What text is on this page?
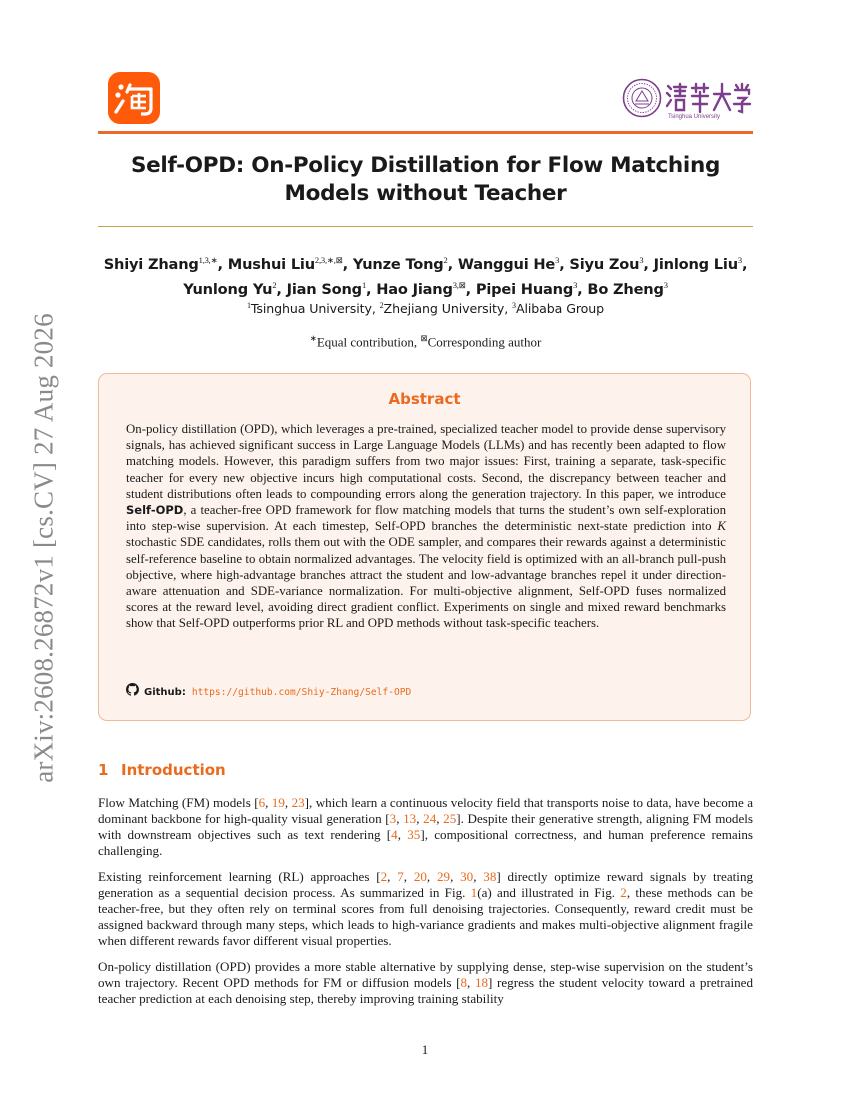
arXiv:2608.26872v1 [cs.CV] 27 Aug 2026
Tsinghua University
Self-OPD: On-Policy Distillation for Flow Matching
Models without Teacher
Shiyi Zhang$^{1,3,∗}$, Mushui Liu$^{2,3,∗,⊠}$, Yunze Tong$^2$, Wanggui He$^3$, Siyu Zou$^3$, Jinlong Liu$^3$, Yunlong Yu$^2$, Jian Song$^1$, Hao Jiang$^{3,⊠}$, Pipei Huang$^3$, Bo Zheng$^3$
$^1$Tsinghua University, $^2$Zhejiang University, $^3$Alibaba Group
∗Equal contribution, ⊠Corresponding author
Abstract

On-policy distillation (OPD), which leverages a pre-trained, specialized teacher model to provide dense supervisory signals, has achieved significant success in Large Language Models (LLMs) and has recently been adapted to flow matching models. However, this paradigm suffers from two major issues: First, training a separate, task-specific teacher for every new objective incurs high computational costs. Second, the discrepancy between teacher and student distributions often leads to compounding errors along the generation trajectory. In this paper, we introduce Self-OPD, a teacher-free OPD framework for flow matching models that turns the student’s own self-exploration into step-wise supervision. At each timestep, Self-OPD branches the deterministic next-state prediction into K stochastic SDE candidates, rolls them out with the ODE sampler, and compares their rewards against a deterministic self-reference baseline to obtain normalized advantages. The velocity field is optimized with an all-branch pull-push objective, where high-advantage branches attract the student and low-advantage branches repel it under direction-aware attenuation and SDE-variance normalization. For multi-objective alignment, Self-OPD fuses normalized scores at the reward level, avoiding direct gradient conflict. Experiments on single and mixed reward benchmarks show that Self-OPD outperforms prior RL and OPD methods without task-specific teachers.

Github: https://github.com/Shiy-Zhang/Self-OPD
1 Introduction

Flow Matching (FM) models [6, 19, 23], which learn a continuous velocity field that transports noise to data, have become a dominant backbone for high-quality visual generation [3, 13, 24, 25]. Despite their generative strength, aligning FM models with downstream objectives such as text rendering [4, 35], compositional correctness, and human preference remains challenging.

Existing reinforcement learning (RL) approaches [2, 7, 20, 29, 30, 38] directly optimize reward signals by treating generation as a sequential decision process. As summarized in Fig. 1(a) and illustrated in Fig. 2, these methods can be teacher-free, but they often rely on terminal scores from full denoising trajectories. Consequently, reward credit must be assigned backward through many steps, which leads to high-variance gradients and makes multi-objective alignment fragile when different rewards favor different visual properties.

On-policy distillation (OPD) provides a more stable alternative by supplying dense, step-wise supervision on the student’s own trajectory. Recent OPD methods for FM or diffusion models [8, 18] regress the student velocity toward a pretrained teacher prediction at each denoising step, thereby improving training stability

1
